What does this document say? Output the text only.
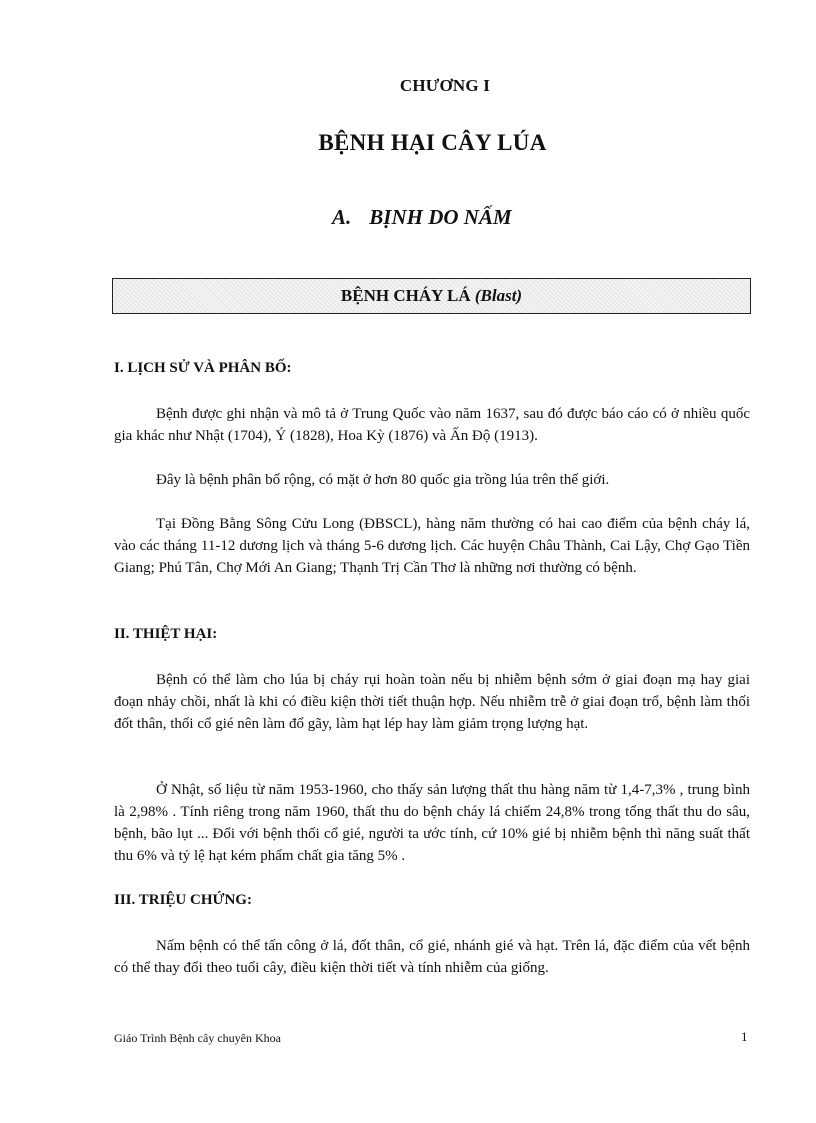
CHƯƠNG I
BỆNH HẠI CÂY LÚA
A. BỊNH DO NẤM
BỆNH CHÁY LÁ (Blast)
I. LỊCH SỬ VÀ PHÂN BỐ:
Bệnh được ghi nhận và mô tả ở Trung Quốc vào năm 1637, sau đó được báo cáo có ở nhiều quốc gia khác như Nhật (1704), Ý (1828), Hoa Kỳ (1876) và Ấn Độ (1913).
Đây là bệnh phân bố rộng, có mặt ở hơn 80 quốc gia trồng lúa trên thế giới.
Tại Đồng Bằng Sông Cửu Long (ĐBSCL), hàng năm thường có hai cao điểm của bệnh cháy lá, vào các tháng 11-12 dương lịch và tháng 5-6 dương lịch. Các huyện Châu Thành, Cai Lậy, Chợ Gạo Tiền Giang; Phú Tân, Chợ Mới An Giang; Thạnh Trị Cần Thơ là những nơi thường có bệnh.
II. THIỆT HẠI:
Bệnh có thể làm cho lúa bị cháy rụi hoàn toàn nếu bị nhiễm bệnh sớm ở giai đoạn mạ hay giai đoạn nhảy chồi, nhất là khi có điều kiện thời tiết thuận hợp. Nếu nhiễm trễ ở giai đoạn trổ, bệnh làm thối đốt thân, thối cổ gié nên làm đổ gãy, làm hạt lép hay làm giảm trọng lượng hạt.
Ở Nhật, số liệu từ năm 1953-1960, cho thấy sản lượng thất thu hàng năm từ 1,4-7,3% , trung bình là 2,98% . Tính riêng trong năm 1960, thất thu do bệnh cháy lá chiếm 24,8% trong tổng thất thu do sâu, bệnh, bão lụt ... Đối với bệnh thối cổ gié, người ta ước tính, cứ 10% gié bị nhiễm bệnh thì năng suất thất thu 6% và tỷ lệ hạt kém phẩm chất gia tăng 5% .
III. TRIỆU CHỨNG:
Nấm bệnh có thể tấn công ở lá, đốt thân, cổ gié, nhánh gié và hạt. Trên lá, đặc điểm của vết bệnh có thể thay đổi theo tuổi cây, điều kiện thời tiết và tính nhiễm của giống.
Giáo Trình Bệnh cây chuyên Khoa	1
